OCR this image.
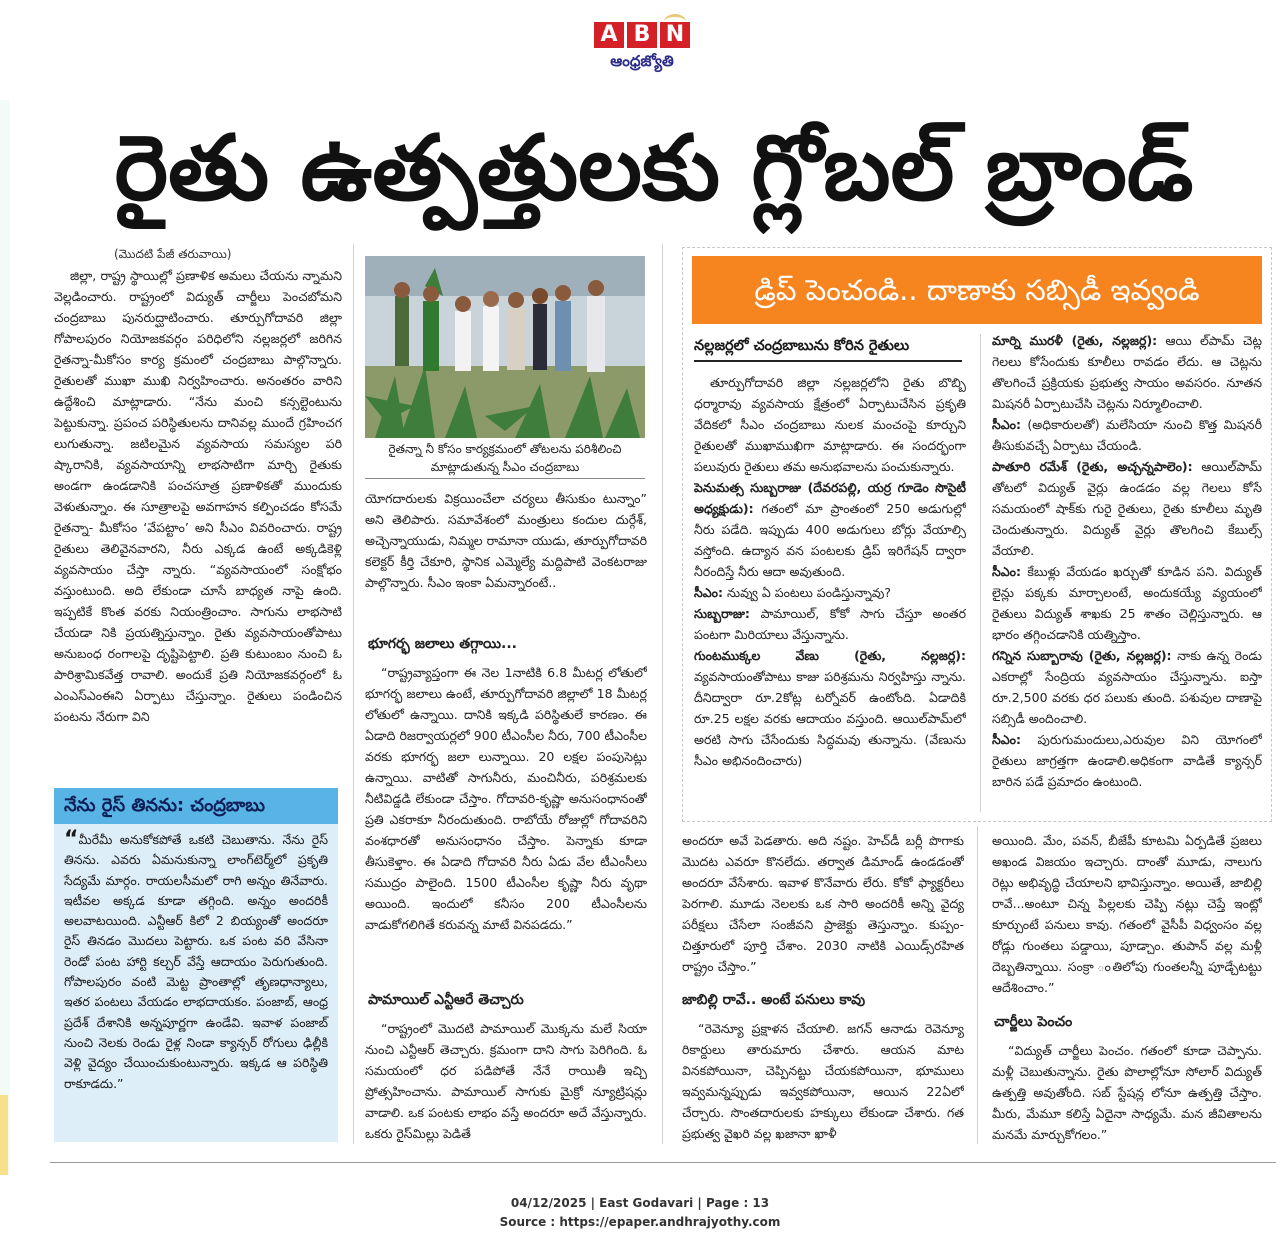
A B N
ఆంధ్రజ్యోతి
రైతు ఉత్పత్తులకు గ్లోబల్‌ బ్రాండ్‌

(మొదటి పేజీ తరువాయి)

జిల్లా, రాష్ట్ర స్థాయిల్లో ప్రణాళిక అమలు చేయను న్నామని వెల్లడించారు. రాష్ట్రంలో విద్యుత్‌ చార్జీలు పెంచబోమని చంద్రబాబు పునరుద్ఘాటించారు. తూర్పుగోదావరి జిల్లా గోపాలపురం నియోజకవర్గం పరిధిలోని నల్లజర్లలో జరిగిన రైతన్నా-మీకోసం కార్య క్రమంలో చంద్రబాబు పాల్గొన్నారు. రైతులతో ముఖా ముఖి నిర్వహించారు. అనంతరం వారిని ఉద్దేశించి మాట్లాడారు. “నేను మంచి కన్సల్టెంటును పెట్టుకున్నా. ప్రపంచ పరిస్థితులను దానివల్ల ముందే గ్రహించగ లుగుతున్నా. జటిలమైన వ్యవసాయ సమస్యల పరి ష్కారానికి, వ్యవసాయాన్ని లాభసాటిగా మార్చి రైతుకు అండగా ఉండడానికి పంచసూత్ర ప్రణాళికతో ముందుకు వెళుతున్నాం. ఈ సూత్రాలపై అవగాహన కల్పించడం కోసమే రైతన్నా- మీకోసం ‘వేపట్టాం’ అని సీఎం వివరించారు. రాష్ట్ర రైతులు తెలివైనవారని, నీరు ఎక్కడ ఉంటే అక్కడికెళ్లి వ్యవసాయం చేస్తా న్నారు. “వ్యవసాయంలో సంక్షోభం వస్తుంటుంది. అది లేకుండా చూసే బాధ్యత నాపై ఉంది. ఇప్పటికే కొంత వరకు నియంత్రించాం. సాగును లాభసాటి చేయడా నికి ప్రయత్నిస్తున్నాం. రైతు వ్యవసాయంతోపాటు అనుబంధ రంగాలపై దృష్టిపెట్టాలి. ప్రతి కుటుంబం నుంచి ఓ పారిశ్రామికవేత్త రావాలి. అందుకే ప్రతి నియోజకవర్గంలో ఓ ఎంఎస్‌ఎంఈని ఏర్పాటు చేస్తున్నాం. రైతులు పండించిన పంటను నేరుగా విని

నేను రైస్‌ తినను: చంద్రబాబు

“మీరేమీ అనుకోకపోతే ఒకటి చెబుతాను. నేను రైస్‌ తినను. ఎవరు ఏమనుకున్నా లాంగ్‌టెర్మ్‌లో ప్రకృతి సేద్యమే మార్గం. రాయలసీమలో రాగి అన్నం తినేవారు. ఇటీవల అక్కడ కూడా తగ్గింది. అన్నం అందరికీ అలవాటయింది. ఎన్టీఆర్‌ కిలో 2 బియ్యంతో అందరూ రైస్‌ తినడం మొదలు పెట్టారు. ఒక పంట వరి వేసినా రెండో పంట హార్టి కల్చర్‌ వేస్తే ఆదాయం పెరుగుతుంది. గోపాలపురం వంటి మెట్ట ప్రాంతాల్లో తృణధాన్యాలు, ఇతర పంటలు వేయడం లాభదాయకం. పంజాబ్‌, ఆంధ్ర ప్రదేశ్‌ దేశానికి అన్నపూర్ణగా ఉండేవి. ఇవాళ పంజాబ్‌ నుంచి నెలకు రెండు రైళ్ల నిండా క్యాన్సర్‌ రోగులు ఢిల్లీకి వెళ్లి వైద్యం చేయించుకుంటున్నారు. ఇక్కడ ఆ పరిస్థితి రాకూడదు.”

రైతన్నా నీ కోసం కార్యక్రమంలో తోటలను పరిశీలించి మాట్లాడుతున్న సీఎం చంద్రబాబు

యోగదారులకు విక్రయించేలా చర్యలు తీసుకుం టున్నాం” అని తెలిపారు. సమావేశంలో మంత్రులు కందుల దుర్గేశ్‌, అచ్చెన్నాయుడు, నిమ్మల రామానా యుడు, తూర్పుగోదావరి కలెక్టర్‌ కీర్తి చేకూరి, స్థానిక ఎమ్మెల్యే మద్దిపాటి వెంకటరాజు పాల్గొన్నారు. సీఎం ఇంకా ఏమన్నారంటే..

భూగర్భ జలాలు తగ్గాయి...

“రాష్ట్రవ్యాప్తంగా ఈ నెల 1నాటికి 6.8 మీటర్ల లోతులో భూగర్భ జలాలు ఉంటే, తూర్పుగోదావరి జిల్లాలో 18 మీటర్ల లోతులో ఉన్నాయి. దానికి ఇక్కడి పరిస్థితులే కారణం. ఈ ఏడాది రిజర్వాయర్లలో 900 టీఎంసీల నీరు, 700 టీఎంసీల వరకు భూగర్భ జలా లున్నాయి. 20 లక్షల పంపుసెట్లు ఉన్నాయి. వాటితో సాగునీరు, మంచినీరు, పరిశ్రమలకు నీటివిడ్డడి లేకుండా చేస్తాం. గోదావరి-కృష్ణా అనుసంధానంతో ప్రతి ఎకరాకూ నీరందుతుంది. రాబోయే రోజుల్లో గోదావరిని వంశధారతో అనుసంధానం చేస్తాం. పెన్నాకు కూడా తీసుకెళ్తాం. ఈ ఏడాది గోదావరి నీరు ఏడు వేల టీఎంసీలు సముద్రం పాలైంది. 1500 టీఎంసీల కృష్ణా నీరు వృథా అయింది. ఇందులో కనీసం 200 టీఎంసీలను వాడుకోగలిగితే కరువన్న మాటే వినపడదు.”

పామాయిల్‌ ఎన్టీఆరే తెచ్చారు

“రాష్ట్రంలో మొదటి పామాయిల్‌ మొక్కను మలే సియా నుంచి ఎన్టీఆర్‌ తెచ్చారు. క్రమంగా దాని సాగు పెరిగింది. ఓ సమయంలో ధర పడిపోతే నేనే రాయితీ ఇచ్చి ప్రోత్సహించాను. పామాయిల్‌ సాగుకు మైక్రో న్యూట్రిషన్లు వాడాలి. ఒక పంటకు లాభం వస్తే అందరూ అదే వేస్తున్నారు. ఒకరు రైస్‌మిల్లు పెడితే

డ్రిప్‌ పెంచండి.. దాణాకు సబ్సిడీ ఇవ్వండి
నల్లజర్లలో చంద్రబాబును కోరిన రైతులు

తూర్పుగోదావరి జిల్లా నల్లజర్లలోని రైతు బొబ్బి ధర్మారావు వ్యవసాయ క్షేత్రంలో ఏర్పాటుచేసిన ప్రకృతి వేదికలో సీఎం చంద్రబాబు నులక మంచంపై కూర్చుని రైతులతో ముఖాముఖిగా మాట్లాడారు. ఈ సందర్భంగా పలువురు రైతులు తమ అనుభవాలను పంచుకున్నారు.

పెనుమత్స సుబ్బరాజు (దేవరపల్లి, యర్ర గూడెం సొసైటీ అధ్యక్షుడు): గతంలో మా ప్రాంతంలో 250 అడుగుల్లో నీరు పడేది. ఇప్పుడు 400 అడుగులు బోర్లు వేయాల్సి వస్తోంది. ఉద్యాన వన పంటలకు డ్రిప్‌ ఇరిగేషన్‌ ద్వారా నీరందిస్తే నీరు ఆదా అవుతుంది.

సీఎం: నువ్వు ఏ పంటలు పండిస్తున్నావు?

సుబ్బరాజు: పామాయిల్‌, కోకో సాగు చేస్తూ అంతర పంటగా మిరియాలు వేస్తున్నాను.

గుంటముక్కల వేణు (రైతు, నల్లజర్ల): వ్యవసాయంతోపాటు కాజు పరిశ్రమను నిర్వహిస్తు న్నాను. దీనిద్వారా రూ.2కోట్ల టర్నోవర్‌ ఉంటోంది. ఏడాదికి రూ.25 లక్షల వరకు ఆదాయం వస్తుంది. ఆయిల్‌పామ్‌లో అరటి సాగు చేసేందుకు సిద్ధమవు తున్నాను. (వేణును సీఎం అభినందించారు)

మార్ని మురళీ (రైతు, నల్లజర్ల): ఆయి ల్‌పామ్‌ చెట్ల గెలలు కోసేందుకు కూలీలు రావడం లేదు. ఆ చెట్లను తొలగించే ప్రక్రియకు ప్రభుత్వ సాయం అవసరం. నూతన మిషనరీ ఏర్పాటుచేసి చెట్లను నిర్మూలించాలి.

సీఎం: (అధికారులతో) మలేసియా నుంచి కొత్త మిషనరీ తీసుకువచ్చే ఏర్పాటు చేయండి.

పాతూరి రమేశ్‌ (రైతు, అచ్చన్నపాలెం): ఆయిల్‌పామ్‌ తోటలో విద్యుత్‌ వైర్లు ఉండడం వల్ల గెలలు కోసే సమయంలో షాక్‌కు గురై రైతులు, రైతు కూలీలు మృతి చెందుతున్నారు. విద్యుత్‌ వైర్లు తొలగించి కేబుల్స్‌ వేయాలి.

సీఎం: కేబుళ్లు వేయడం ఖర్చుతో కూడిన పని. విద్యుత్‌ లైన్లు పక్కకు మార్చాలంటే, అందుకయ్యే వ్యయంలో రైతులు విద్యుత్‌ శాఖకు 25 శాతం చెల్లిస్తున్నారు. ఆ భారం తగ్గించడానికి యత్నిస్తాం.

గన్నిన సుబ్బారావు (రైతు, నల్లజర్ల): నాకు ఉన్న రెండు ఎకరాల్లో సేంద్రియ వ్యవసాయం చేస్తున్నాను. ఐస్తా రూ.2,500 వరకు ధర పలుకు తుంది. పశువుల దాణాపై సబ్సిడీ అందించాలి.

సీఎం: పురుగుమందులు,ఎరువుల విని యోగంలో రైతులు జాగ్రత్తగా ఉండాలి.అధికంగా వాడితే క్యాన్సర్‌ బారిన పడే ప్రమాదం ఉంటుంది.

అందరూ అవే పెడతారు. అది నష్టం. హెచ్‌డీ బర్లీ పొగాకు మొదట ఎవరూ కొనలేదు. తర్వాత డిమాండ్‌ ఉండడంతో అందరూ వేసేశారు. ఇవాళ కొనేవారు లేరు. కోకో ఫ్యాక్టరీలు పెరగాలి. మూడు నెలలకు ఒక సారి అందరికీ అన్ని వైద్య పరీక్షలు చేసేలా సంజీవని ప్రాజెక్టు తెస్తున్నాం. కుప్పం-చిత్తూరులో పూర్తి చేశాం. 2030 నాటికి ఎయిడ్స్‌రహిత రాష్ట్రం చేస్తాం.”

జాబిల్లి రావే.. అంటే పనులు కావు

“రెవెన్యూ ప్రక్షాళన చేయాలి. జగన్‌ ఆనాడు రెవెన్యూ రికార్డులు తారుమారు చేశారు. ఆయన మాట వినకపోయినా, చెప్పినట్టు చేయకపోయినా, భూములు ఇవ్వమన్నప్పుడు ఇవ్వకపోయినా, ఆయిన 22ఏలో చేర్చారు. సొంతదారులకు హక్కులు లేకుండా చేశారు. గత ప్రభుత్వ వైఖరి వల్ల ఖజానా ఖాళీ

అయింది. మేం, పవన్‌, బీజేపీ కూటమి ఏర్పడితే ప్రజలు అఖండ విజయం ఇచ్చారు. దాంతో మూడు, నాలుగు రెట్లు అభివృద్ధి చేయాలని భావిస్తున్నాం. అయితే, జాబిల్లి రావే...అంటూ చిన్న పిల్లలకు చెప్పి నట్లు చెప్తే ఇంట్లో కూర్చుంటే పనులు కావు. గతంలో వైసీపీ విధ్వంసం వల్ల రోడ్లు గుంతలు పడ్డాయి, పూడ్చాం. తుపాన్‌ వల్ల మళ్లీ దెబ్బతిన్నాయి. సంక్రా ంతిలోపు గుంతలన్నీ పూడ్చేటట్టు ఆదేశించాం.”

చార్జీలు పెంచం

“విద్యుత్‌ చార్జీలు పెంచం. గతంలో కూడా చెప్పాను. మళ్లీ చెబుతున్నాను. రైతు పొలాల్లోనూ సోలార్‌ విద్యుత్‌ ఉత్పత్తి అవుతోంది. సబ్‌ స్టేషన్ల లోనూ ఉత్పత్తి చేస్తాం. మీరు, మేమూ కలిస్తే ఏదైనా సాధ్యమే. మన జీవితాలను మనమే మార్చుకోగలం.”

04/12/2025 | East Godavari | Page : 13
Source : https://epaper.andhrajyothy.com
